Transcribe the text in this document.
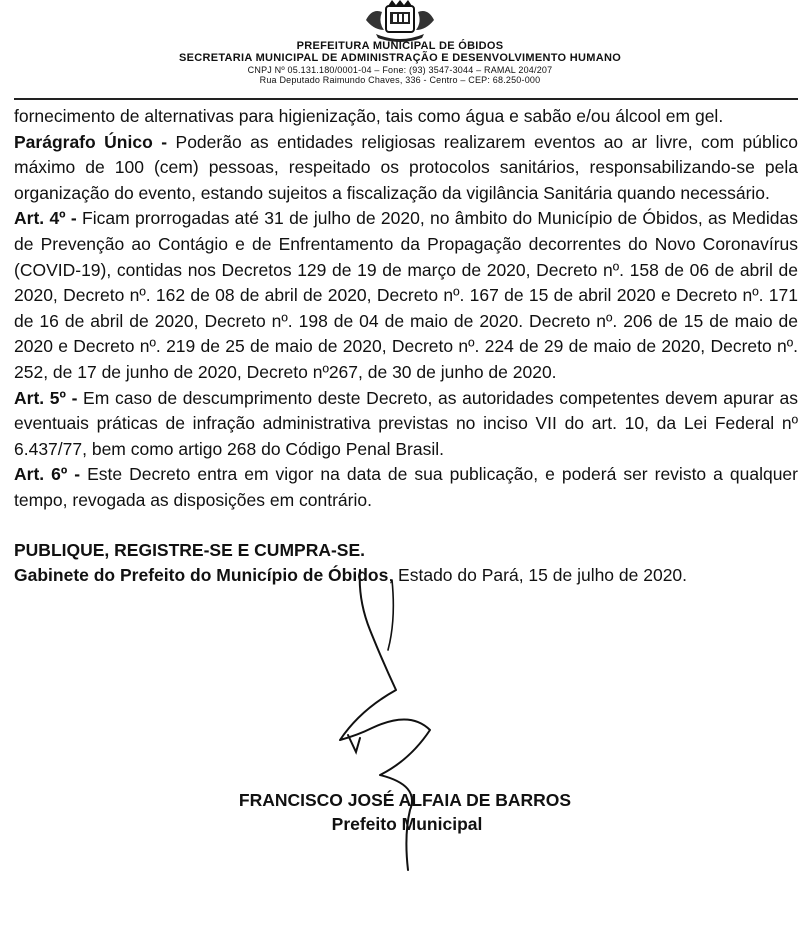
PREFEITURA MUNICIPAL DE ÓBIDOS
SECRETARIA MUNICIPAL DE ADMINISTRAÇÃO E DESENVOLVIMENTO HUMANO
CNPJ Nº 05.131.180/0001-04 – Fone: (93) 3547-3044 – RAMAL 204/207
Rua Deputado Raimundo Chaves, 336 - Centro – CEP: 68.250-000

fornecimento de alternativas para higienização, tais como água e sabão e/ou álcool em gel.

Parágrafo Único - Poderão as entidades religiosas realizarem eventos ao ar livre, com público máximo de 100 (cem) pessoas, respeitado os protocolos sanitários, responsabilizando-se pela organização do evento, estando sujeitos a fiscalização da vigilância Sanitária quando necessário.

Art. 4º - Ficam prorrogadas até 31 de julho de 2020, no âmbito do Município de Óbidos, as Medidas de Prevenção ao Contágio e de Enfrentamento da Propagação decorrentes do Novo Coronavírus (COVID-19), contidas nos Decretos 129 de 19 de março de 2020, Decreto nº. 158 de 06 de abril de 2020, Decreto nº. 162 de 08 de abril de 2020, Decreto nº. 167 de 15 de abril 2020 e Decreto nº. 171 de 16 de abril de 2020, Decreto nº. 198 de 04 de maio de 2020. Decreto nº. 206 de 15 de maio de 2020 e Decreto nº. 219 de 25 de maio de 2020, Decreto nº. 224 de 29 de maio de 2020, Decreto nº. 252, de 17 de junho de 2020, Decreto nº267, de 30 de junho de 2020.

Art. 5º - Em caso de descumprimento deste Decreto, as autoridades competentes devem apurar as eventuais práticas de infração administrativa previstas no inciso VII do art. 10, da Lei Federal nº 6.437/77, bem como artigo 268 do Código Penal Brasil.

Art. 6º - Este Decreto entra em vigor na data de sua publicação, e poderá ser revisto a qualquer tempo, revogada as disposições em contrário.

PUBLIQUE, REGISTRE-SE E CUMPRA-SE.

Gabinete do Prefeito do Município de Óbidos, Estado do Pará, 15 de julho de 2020.

FRANCISCO JOSÉ ALFAIA DE BARROS
Prefeito Municipal
